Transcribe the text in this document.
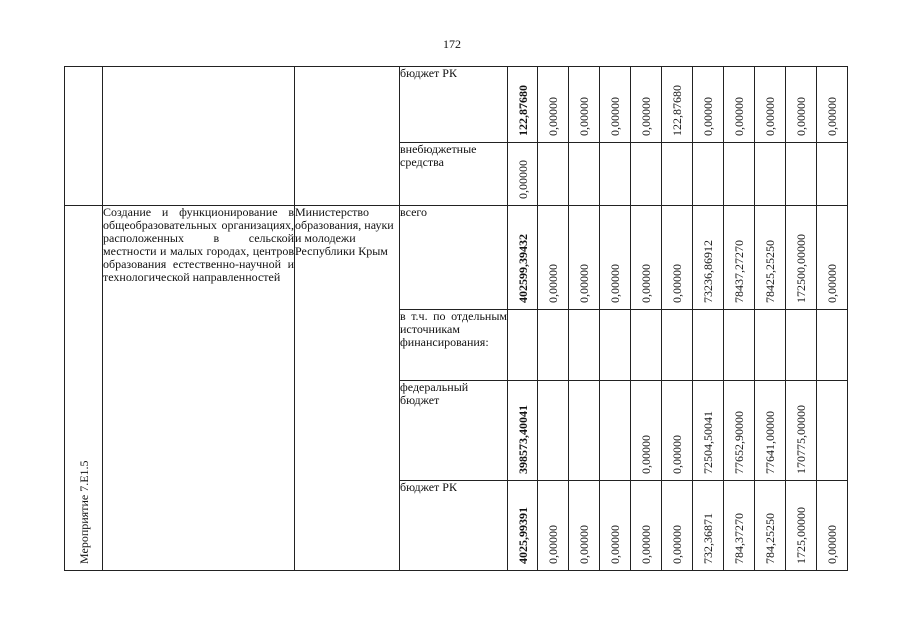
172
			бюджет РК	122,87680	0,00000	0,00000	0,00000	0,00000	122,87680	0,00000	0,00000	0,00000	0,00000	0,00000

			внебюджетные средства	0,00000										

Мероприятие 7.Е1.5	Создание и функционирование в общеобразовательных организациях, расположенных в сельской местности и малых городах, центров образования естественно-научной и технологической направленностей	Министерство образования, науки и молодежи Республики Крым	всего	402599,39432	0,00000	0,00000	0,00000	0,00000	0,00000	73236,86912	78437,27270	78425,25250	172500,00000	0,00000

			в т.ч. по отдельным источникам финансирования:	

			федеральный бюджет	398573,40041				0,00000	0,00000	72504,50041	77652,90000	77641,00000	170775,00000	

			бюджет РК	4025,99391	0,00000	0,00000	0,00000	0,00000	0,00000	732,36871	784,37270	784,25250	1725,00000	0,00000
